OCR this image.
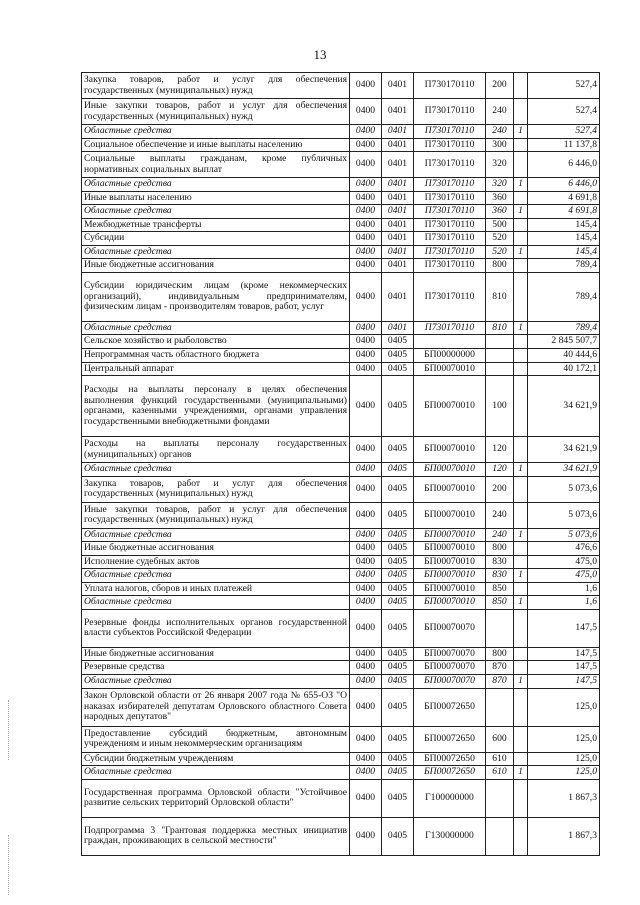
13
Закупка товаров, работ и услуг для обеспечения государственных (муниципальных) нужд	0400	0401	П730170110	200		527,4
Иные закупки товаров, работ и услуг для обеспечения государственных (муниципальных) нужд	0400	0401	П730170110	240		527,4
Областные средства	0400	0401	П730170110	240	1	527,4
Социальное обеспечение и иные выплаты населению	0400	0401	П730170110	300		11 137,8
Социальные выплаты гражданам, кроме публичных нормативных социальных выплат	0400	0401	П730170110	320		6 446,0
Областные средства	0400	0401	П730170110	320	1	6 446,0
Иные выплаты населению	0400	0401	П730170110	360		4 691,8
Областные средства	0400	0401	П730170110	360	1	4 691,8
Межбюджетные трансферты	0400	0401	П730170110	500		145,4
Субсидии	0400	0401	П730170110	520		145,4
Областные средства	0400	0401	П730170110	520	1	145,4
Иные бюджетные ассигнования	0400	0401	П730170110	800		789,4
Субсидии юридическим лицам (кроме некоммерческих организаций), индивидуальным предпринимателям, физическим лицам - производителям товаров, работ, услуг	0400	0401	П730170110	810		789,4
Областные средства	0400	0401	П730170110	810	1	789,4
Сельское хозяйство и рыболовство	0400	0405				2 845 507,7
Непрограммная часть областного бюджета	0400	0405	БП00000000			40 444,6
Центральный аппарат	0400	0405	БП00070010			40 172,1
Расходы на выплаты персоналу в целях обеспечения выполнения функций государственными (муниципальными) органами, казенными учреждениями, органами управления государственными внебюджетными фондами	0400	0405	БП00070010	100		34 621,9
Расходы на выплаты персоналу государственных (муниципальных) органов	0400	0405	БП00070010	120		34 621,9
Областные средства	0400	0405	БП00070010	120	1	34 621,9
Закупка товаров, работ и услуг для обеспечения государственных (муниципальных) нужд	0400	0405	БП00070010	200		5 073,6
Иные закупки товаров, работ и услуг для обеспечения государственных (муниципальных) нужд	0400	0405	БП00070010	240		5 073,6
Областные средства	0400	0405	БП00070010	240	1	5 073,6
Иные бюджетные ассигнования	0400	0405	БП00070010	800		476,6
Исполнение судебных актов	0400	0405	БП00070010	830		475,0
Областные средства	0400	0405	БП00070010	830	1	475,0
Уплата налогов, сборов и иных платежей	0400	0405	БП00070010	850		1,6
Областные средства	0400	0405	БП00070010	850	1	1,6
Резервные фонды исполнительных органов государственной власти субъектов Российской Федерации	0400	0405	БП00070070			147,5
Иные бюджетные ассигнования	0400	0405	БП00070070	800		147,5
Резервные средства	0400	0405	БП00070070	870		147,5
Областные средства	0400	0405	БП00070070	870	1	147,5
Закон Орловской области от 26 января 2007 года № 655-ОЗ "О наказах избирателей депутатам Орловского областного Совета народных депутатов"	0400	0405	БП00072650			125,0
Предоставление субсидий бюджетным, автономным учреждениям и иным некоммерческим организациям	0400	0405	БП00072650	600		125,0
Субсидии бюджетным учреждениям	0400	0405	БП00072650	610		125,0
Областные средства	0400	0405	БП00072650	610	1	125,0
Государственная программа Орловской области "Устойчивое развитие сельских территорий Орловской области"	0400	0405	Г100000000			1 867,3
Подпрограмма 3 "Грантовая поддержка местных инициатив граждан, проживающих в сельской местности"	0400	0405	Г130000000			1 867,3
